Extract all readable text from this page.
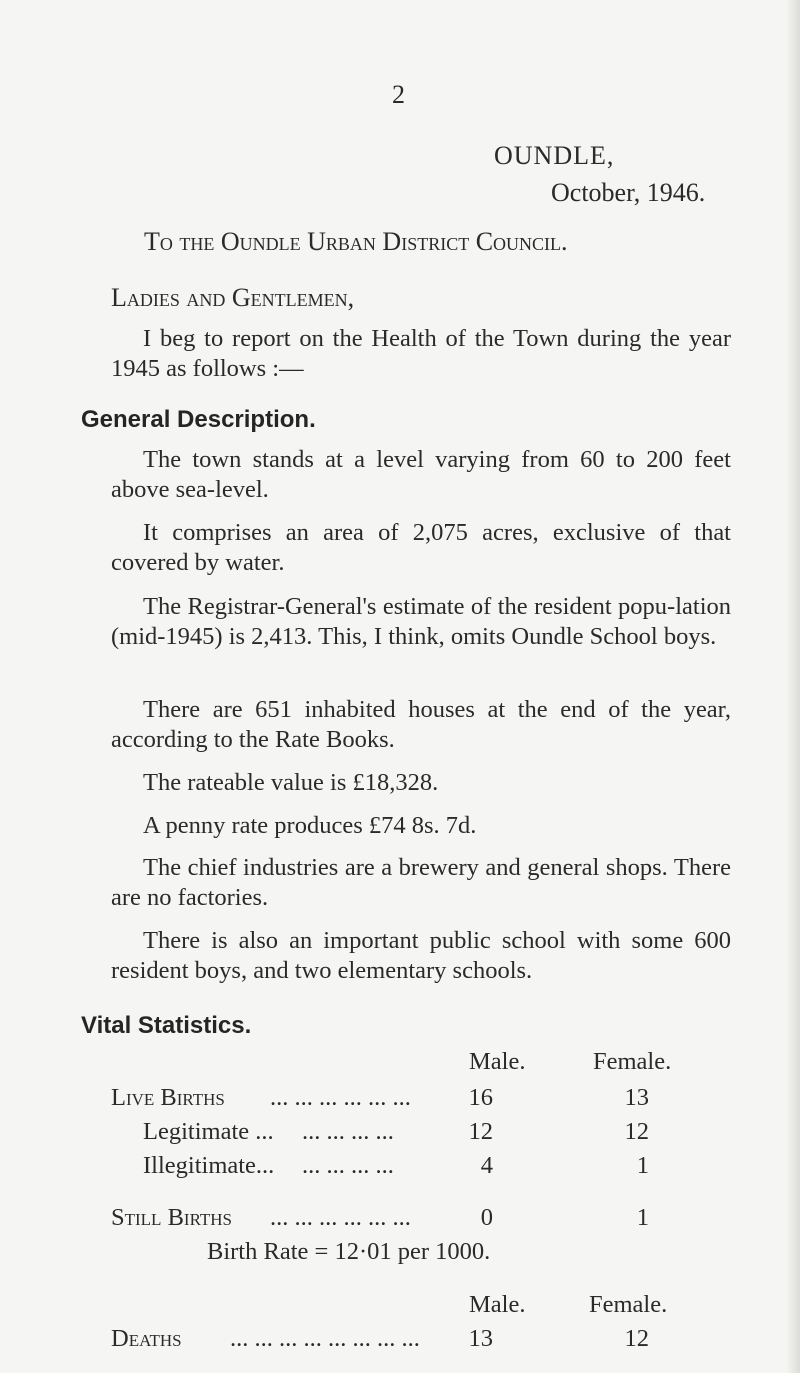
2
OUNDLE,
October, 1946.
To the Oundle Urban District Council.
Ladies and Gentlemen,

I beg to report on the Health of the Town during the year 1945 as follows :—

General Description.

The town stands at a level varying from 60 to 200 feet above sea-level.

It comprises an area of 2,075 acres, exclusive of that covered by water.

The Registrar-General's estimate of the resident popu-lation (mid-1945) is 2,413. This, I think, omits Oundle School boys.

There are 651 inhabited houses at the end of the year, according to the Rate Books.

The rateable value is £18,328.

A penny rate produces £74 8s. 7d.

The chief industries are a brewery and general shops. There are no factories.

There is also an important public school with some 600 resident boys, and two elementary schools.

Vital Statistics.
Male.	Female.
Live Births ... ... ... ... ... ...	16	13
Legitimate ... ... ... ... ...	12	12
Illegitimate... ... ... ... ...	4	1
Still Births ... ... ... ... ... ...	0	1
Birth Rate = 12·01 per 1000.
Male.	Female.
Deaths ... ... ... ... ... ... ... ...	13	12
